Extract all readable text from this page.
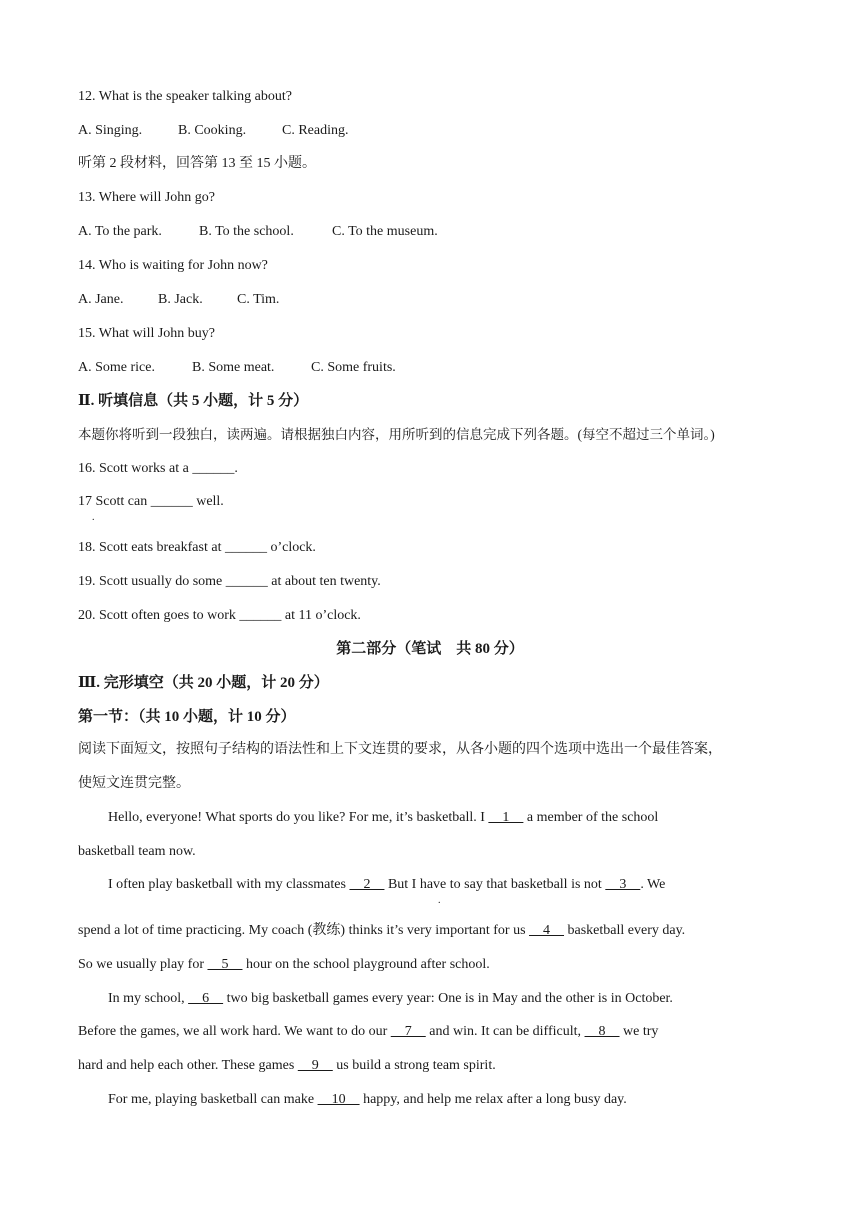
12. What is the speaker talking about?
A. Singing.	B. Cooking.	C. Reading.
听第 2 段材料，回答第 13 至 15 小题。
13. Where will John go?
A. To the park.	B. To the school.	C. To the museum.
14. Who is waiting for John now?
A. Jane. B. Jack. C. Tim.
15. What will John buy?
A. Some rice.	B. Some meat.	C. Some fruits.
Ⅱ. 听填信息（共 5 小题，计 5 分）
本题你将听到一段独白，读两遍。请根据独白内容，用所听到的信息完成下列各题。(每空不超过三个单词。)
16. Scott works at a ______.
17 Scott can ______ well.
.
18. Scott eats breakfast at ______ o’clock.
19. Scott usually do some ______ at about ten twenty.
20. Scott often goes to work ______ at 11 o’clock.
第二部分（笔试　共 80 分）
Ⅲ. 完形填空（共 20 小题，计 20 分）
第一节：（共 10 小题，计 10 分）
阅读下面短文，按照句子结构的语法性和上下文连贯的要求，从各小题的四个选项中选出一个最佳答案，
使短文连贯完整。
Hello, everyone! What sports do you like? For me, it’s basketball. I     1     a member of the school
basketball team now.
I often play basketball with my classmates     2     But I have to say that basketball is not     3    . We
.
spend a lot of time practicing. My coach (教练) thinks it’s very important for us     4     basketball every day.
So we usually play for     5     hour on the school playground after school.
In my school,     6     two big basketball games every year: One is in May and the other is in October.
Before the games, we all work hard. We want to do our     7     and win. It can be difficult,     8     we try
hard and help each other. These games     9     us build a strong team spirit.
For me, playing basketball can make     10     happy, and help me relax after a long busy day.
